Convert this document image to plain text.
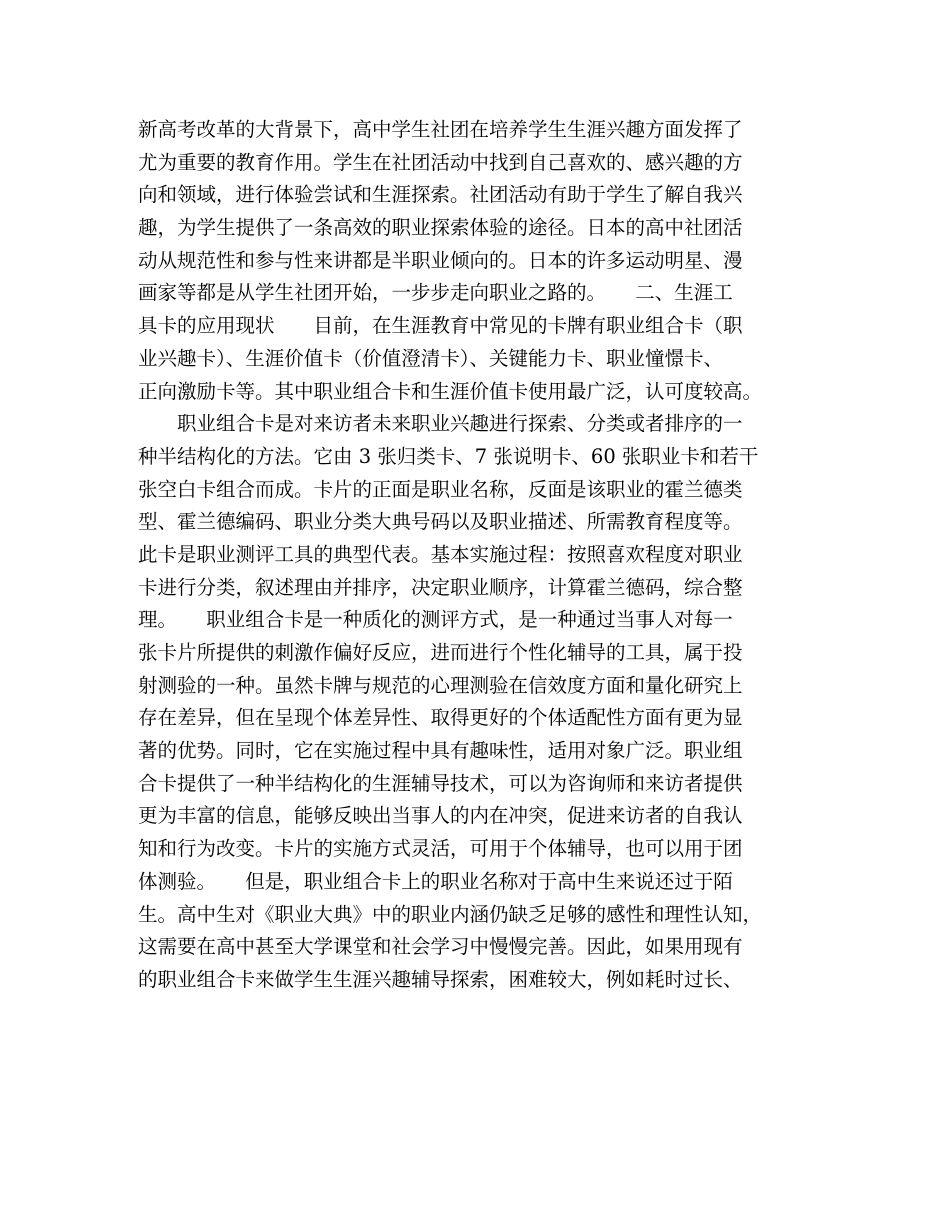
新高考改革的大背景下，高中学生社团在培养学生生涯兴趣方面发挥了
尤为重要的教育作用。学生在社团活动中找到自己喜欢的、感兴趣的方
向和领域，进行体验尝试和生涯探索。社团活动有助于学生了解自我兴
趣，为学生提供了一条高效的职业探索体验的途径。日本的高中社团活
动从规范性和参与性来讲都是半职业倾向的。日本的许多运动明星、漫
画家等都是从学生社团开始，一步步走向职业之路的。　　二、生涯工
具卡的应用现状　　目前，在生涯教育中常见的卡牌有职业组合卡（职
业兴趣卡）、生涯价值卡（价值澄清卡）、关键能力卡、职业憧憬卡、
正向激励卡等。其中职业组合卡和生涯价值卡使用最广泛，认可度较高。
　　职业组合卡是对来访者未来职业兴趣进行探索、分类或者排序的一
种半结构化的方法。它由 3 张归类卡、7 张说明卡、60 张职业卡和若干
张空白卡组合而成。卡片的正面是职业名称，反面是该职业的霍兰德类
型、霍兰德编码、职业分类大典号码以及职业描述、所需教育程度等。
此卡是职业测评工具的典型代表。基本实施过程：按照喜欢程度对职业
卡进行分类，叙述理由并排序，决定职业顺序，计算霍兰德码，综合整
理。　　职业组合卡是一种质化的测评方式，是一种通过当事人对每一
张卡片所提供的刺激作偏好反应，进而进行个性化辅导的工具，属于投
射测验的一种。虽然卡牌与规范的心理测验在信效度方面和量化研究上
存在差异，但在呈现个体差异性、取得更好的个体适配性方面有更为显
著的优势。同时，它在实施过程中具有趣味性，适用对象广泛。职业组
合卡提供了一种半结构化的生涯辅导技术，可以为咨询师和来访者提供
更为丰富的信息，能够反映出当事人的内在冲突，促进来访者的自我认
知和行为改变。卡片的实施方式灵活，可用于个体辅导，也可以用于团
体测验。　　但是，职业组合卡上的职业名称对于高中生来说还过于陌
生。高中生对《职业大典》中的职业内涵仍缺乏足够的感性和理性认知，
这需要在高中甚至大学课堂和社会学习中慢慢完善。因此，如果用现有
的职业组合卡来做学生生涯兴趣辅导探索，困难较大，例如耗时过长、
